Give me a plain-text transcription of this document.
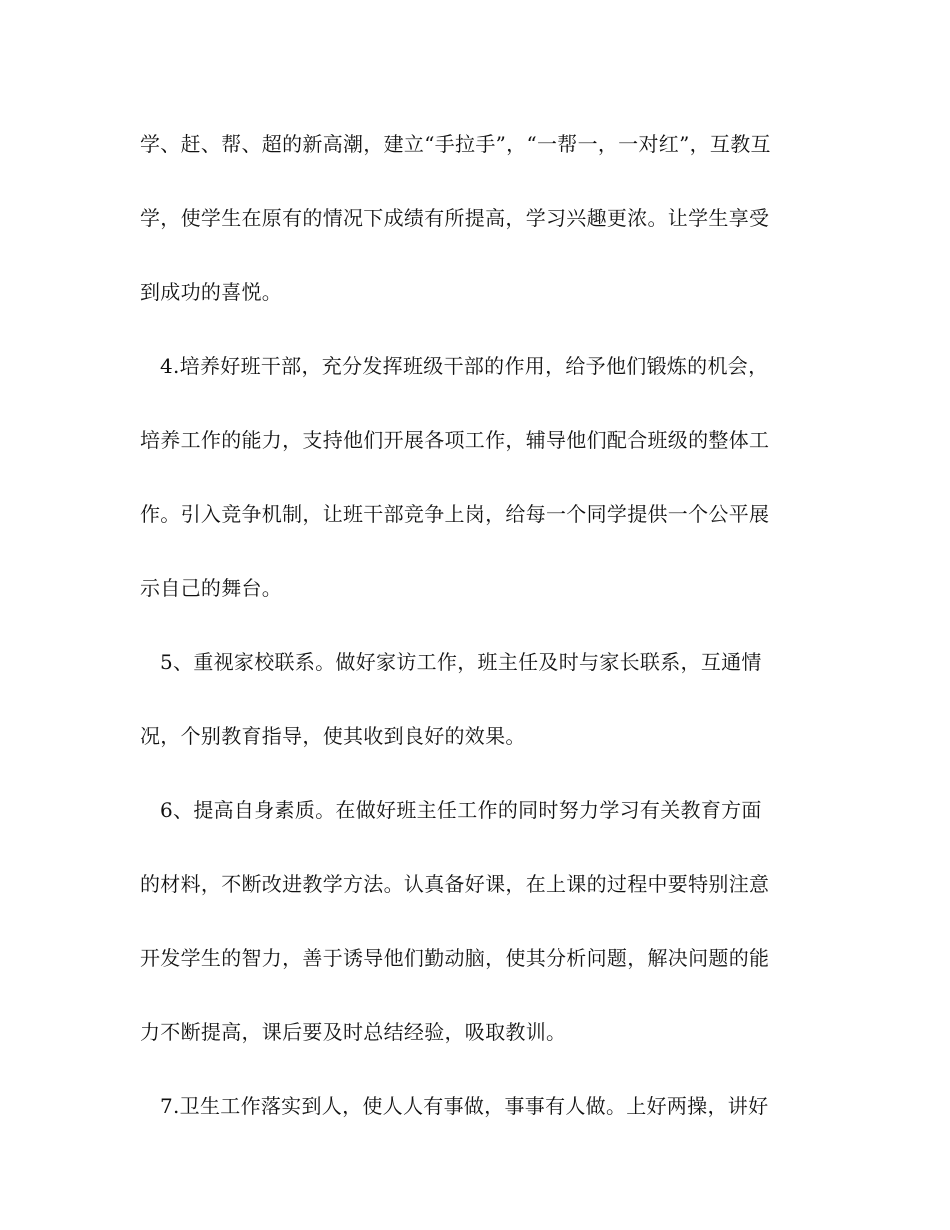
学、赶、帮、超的新高潮，建立“手拉手”，“一帮一，一对红”，互教互
学，使学生在原有的情况下成绩有所提高，学习兴趣更浓。让学生享受
到成功的喜悦。
4.培养好班干部，充分发挥班级干部的作用，给予他们锻炼的机会，
培养工作的能力，支持他们开展各项工作，辅导他们配合班级的整体工
作。引入竞争机制，让班干部竞争上岗，给每一个同学提供一个公平展
示自己的舞台。
5、重视家校联系。做好家访工作，班主任及时与家长联系，互通情
况，个别教育指导，使其收到良好的效果。
6、提高自身素质。在做好班主任工作的同时努力学习有关教育方面
的材料，不断改进教学方法。认真备好课，在上课的过程中要特别注意
开发学生的智力，善于诱导他们勤动脑，使其分析问题，解决问题的能
力不断提高，课后要及时总结经验，吸取教训。
7.卫生工作落实到人，使人人有事做，事事有人做。上好两操，讲好
